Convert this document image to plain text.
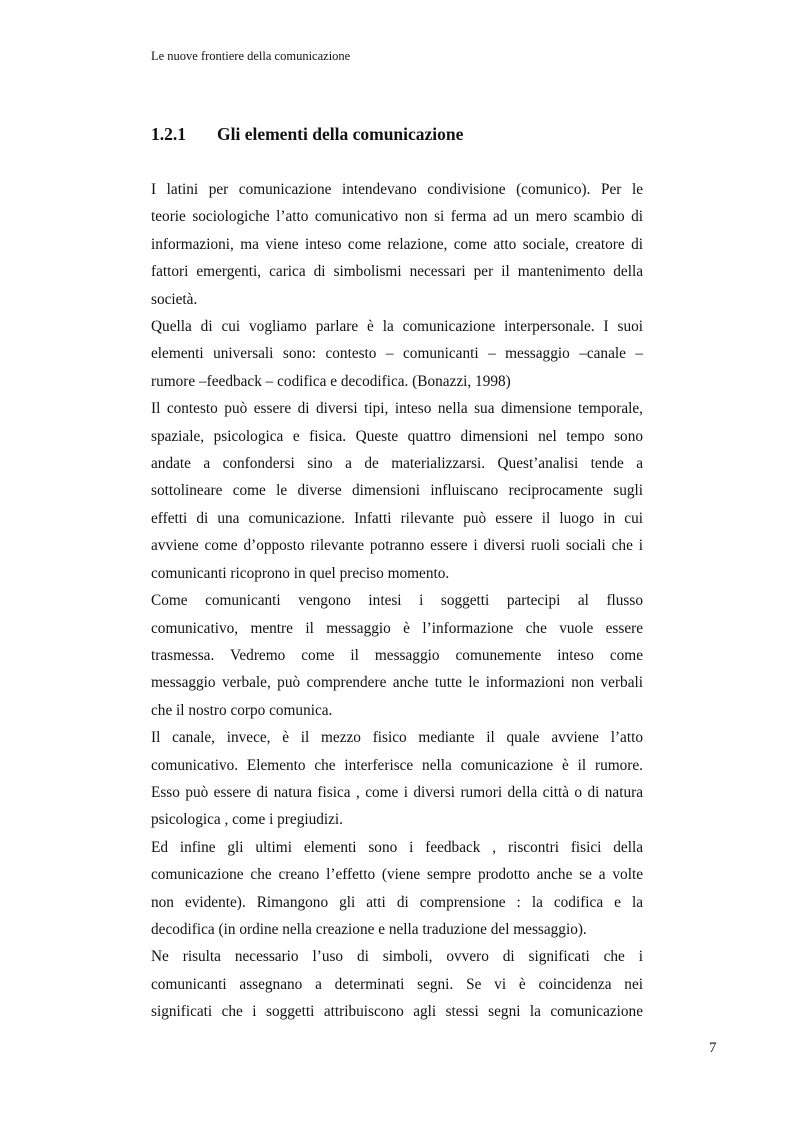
Le nuove frontiere della comunicazione
1.2.1 Gli elementi della comunicazione

I latini per comunicazione intendevano condivisione (comunico). Per le

teorie sociologiche l’atto comunicativo non si ferma ad un mero scambio di

informazioni, ma viene inteso come relazione, come atto sociale, creatore di

fattori emergenti, carica di simbolismi necessari per il mantenimento della

società.

Quella di cui vogliamo parlare è la comunicazione interpersonale. I suoi

elementi universali sono: contesto – comunicanti – messaggio –canale –

rumore –feedback – codifica e decodifica. (Bonazzi, 1998)

Il contesto può essere di diversi tipi, inteso nella sua dimensione temporale,

spaziale, psicologica e fisica. Queste quattro dimensioni nel tempo sono

andate a confondersi sino a de materializzarsi. Quest’analisi tende a

sottolineare come le diverse dimensioni influiscano reciprocamente sugli

effetti di una comunicazione. Infatti rilevante può essere il luogo in cui

avviene come d’opposto rilevante potranno essere i diversi ruoli sociali che i

comunicanti ricoprono in quel preciso momento.

Come comunicanti vengono intesi i soggetti partecipi al flusso

comunicativo, mentre il messaggio è l’informazione che vuole essere

trasmessa. Vedremo come il messaggio comunemente inteso come

messaggio verbale, può comprendere anche tutte le informazioni non verbali

che il nostro corpo comunica.

Il canale, invece, è il mezzo fisico mediante il quale avviene l’atto

comunicativo. Elemento che interferisce nella comunicazione è il rumore.

Esso può essere di natura fisica , come i diversi rumori della città o di natura

psicologica , come i pregiudizi.

Ed infine gli ultimi elementi sono i feedback , riscontri fisici della

comunicazione che creano l’effetto (viene sempre prodotto anche se a volte

non evidente). Rimangono gli atti di comprensione : la codifica e la

decodifica (in ordine nella creazione e nella traduzione del messaggio).

Ne risulta necessario l’uso di simboli, ovvero di significati che i

comunicanti assegnano a determinati segni. Se vi è coincidenza nei

significati che i soggetti attribuiscono agli stessi segni la comunicazione

7
